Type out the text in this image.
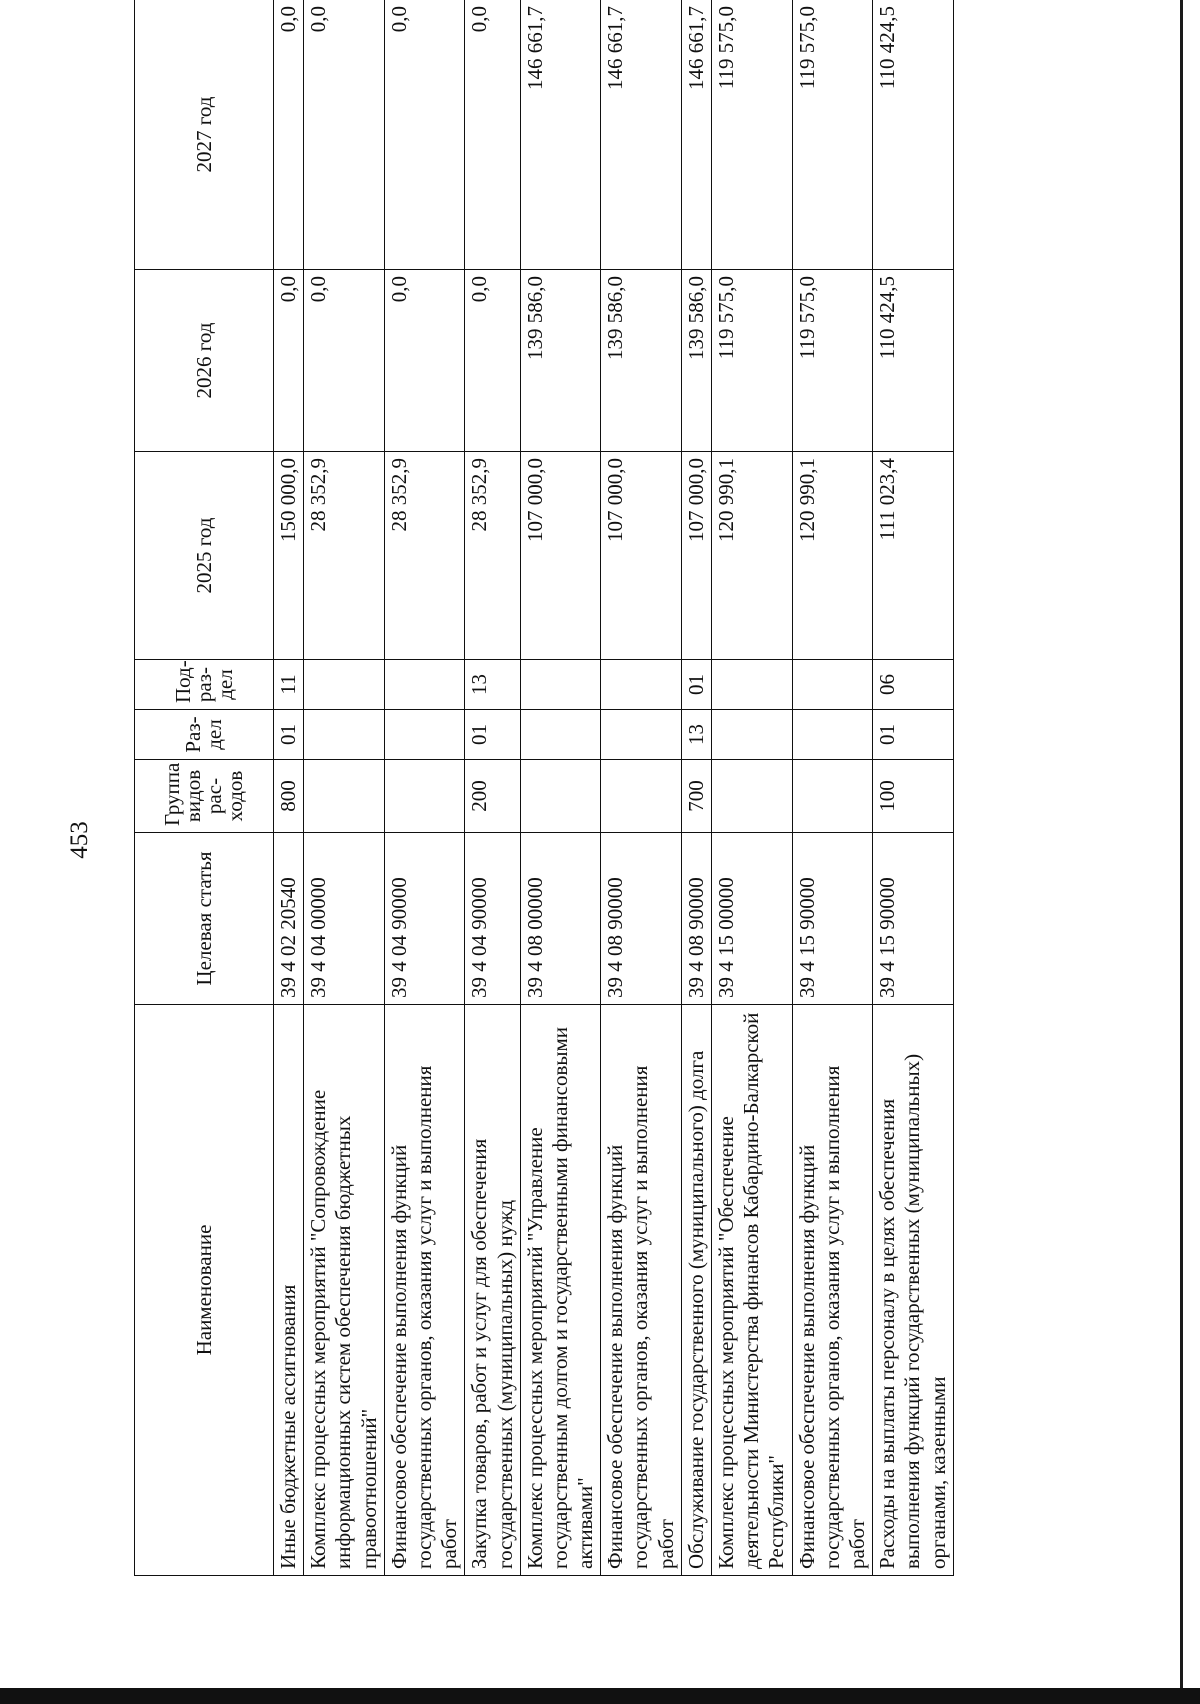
453
Наименование	Целевая статья	Группа видов рас-ходов	Раз-дел	Под-раз-дел	2025 год	2026 год	2027 год
Иные бюджетные ассигнования	39 4 02 20540	800	01	11	150 000,0	0,0	0,0
Комплекс процессных мероприятий "Сопровождение информационных систем обеспечения бюджетных правоотношений"	39 4 04 00000				28 352,9	0,0	0,0
Финансовое обеспечение выполнения функций государственных органов, оказания услуг и выполнения работ	39 4 04 90000				28 352,9	0,0	0,0
Закупка товаров, работ и услуг для обеспечения государственных (муниципальных) нужд	39 4 04 90000	200	01	13	28 352,9	0,0	0,0
Комплекс процессных мероприятий "Управление государственным долгом и государственными финансовыми активами"	39 4 08 00000				107 000,0	139 586,0	146 661,7
Финансовое обеспечение выполнения функций государственных органов, оказания услуг и выполнения работ	39 4 08 90000				107 000,0	139 586,0	146 661,7
Обслуживание государственного (муниципального) долга	39 4 08 90000	700	13	01	107 000,0	139 586,0	146 661,7
Комплекс процессных мероприятий "Обеспечение деятельности Министерства финансов Кабардино-Балкарской Республики"	39 4 15 00000				120 990,1	119 575,0	119 575,0
Финансовое обеспечение выполнения функций государственных органов, оказания услуг и выполнения работ	39 4 15 90000				120 990,1	119 575,0	119 575,0
Расходы на выплаты персоналу в целях обеспечения выполнения функций государственных (муниципальных) органами, казенными	39 4 15 90000	100	01	06	111 023,4	110 424,5	110 424,5
